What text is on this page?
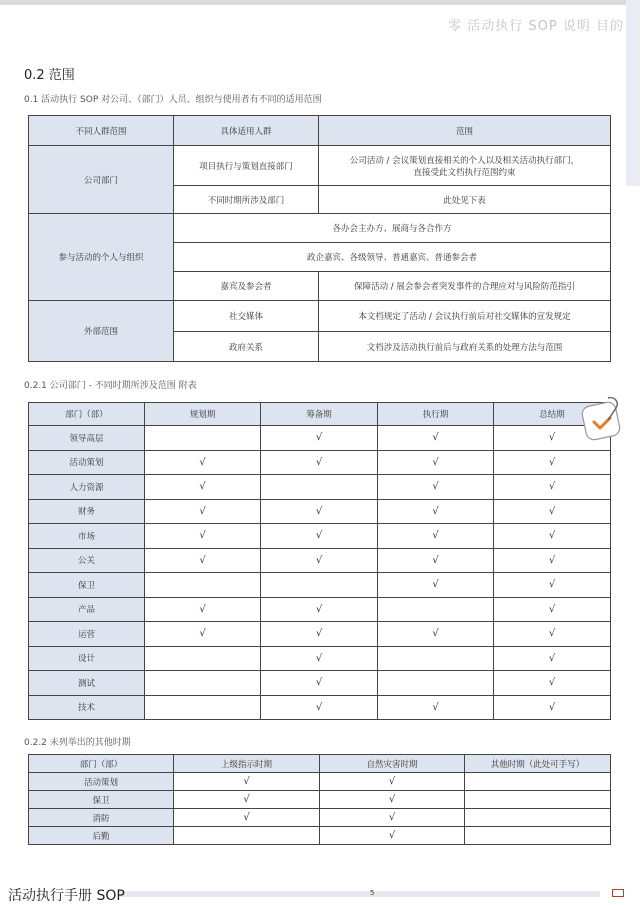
零 活动执行 SOP 说明 目的
0.2 范围
0.1 活动执行 SOP 对公司、（部门）人员、组织与使用者有不同的适用范围
不同人群范围	具体适用人群	范围
公司部门	项目执行与策划直接部门	公司活动 / 会议策划直接相关的个人以及相关活动执行部门，
直接受此文档执行范围约束
	不同时期所涉及部门	此处见下表
参与活动的个人与组织	各办会主办方、展商与各合作方	
	政企嘉宾、各级领导、普通嘉宾、普通参会者	
	嘉宾及参会者	保障活动 / 展会参会者突发事件的合理应对与风险防范指引
外部范围	社交媒体	本文档规定了活动 / 会议执行前后对社交媒体的宣发规定
	政府关系	文档涉及活动执行前后与政府关系的处理方法与范围
0.2.1 公司部门 - 不同时期所涉及范围 附表
部门（部）	规划期	筹备期	执行期	总结期
领导高层		√	√	√
活动策划	√	√	√	√
人力资源	√		√	√
财务	√	√	√	√
市场	√	√	√	√
公关	√	√	√	√
保卫			√	√
产品	√	√		√
运营	√	√	√	√
设计		√		√
测试		√		√
技术		√	√	√
0.2.2 未列举出的其他时期
部门（部）	上级指示时期	自然灾害时期	其他时期（此处可手写）
活动策划	√	√	
保卫	√	√	
消防	√	√	
后勤		√	
活动执行手册 SOP	5
